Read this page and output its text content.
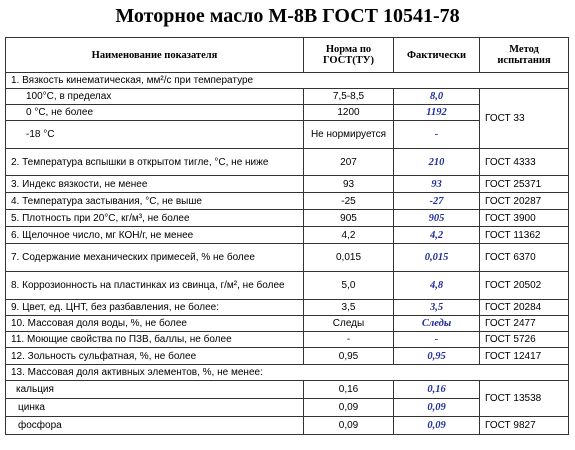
Моторное масло М-8В ГОСТ 10541-78
Наименование показателя	Норма по ГОСТ(ТУ)	Фактически	Метод испытания
1. Вязкость кинематическая, мм²/с при температуре			
100°С, в пределах	7,5-8,5	8,0	ГОСТ 33
0 °С, не более	1200	1192	
-18 °С	Не нормируется	-	
2. Температура вспышки в открытом тигле, °С, не ниже	207	210	ГОСТ 4333
3. Индекс вязкости, не менее	93	93	ГОСТ 25371
4. Температура застывания, °С, не выше	-25	-27	ГОСТ 20287
5. Плотность при 20°С, кг/м³, не более	905	905	ГОСТ 3900
6. Щелочное число, мг КОН/г, не менее	4,2	4,2	ГОСТ 11362
7. Содержание механических примесей, % не более	0,015	0,015	ГОСТ 6370
8. Коррозионность на пластинках из свинца, г/м², не более	5,0	4,8	ГОСТ 20502
9. Цвет, ед. ЦНТ, без разбавления, не более:	3,5	3,5	ГОСТ 20284
10. Массовая доля воды, %, не более	Следы	Следы	ГОСТ 2477
11. Моющие свойства по ПЗВ, баллы, не более	-	-	ГОСТ 5726
12. Зольность сульфатная, %, не более	0,95	0,95	ГОСТ 12417
13. Массовая доля активных элементов, %, не менее:			
кальция	0,16	0,16	ГОСТ 13538
цинка	0,09	0,09	
фосфора	0,09	0,09	ГОСТ 9827
